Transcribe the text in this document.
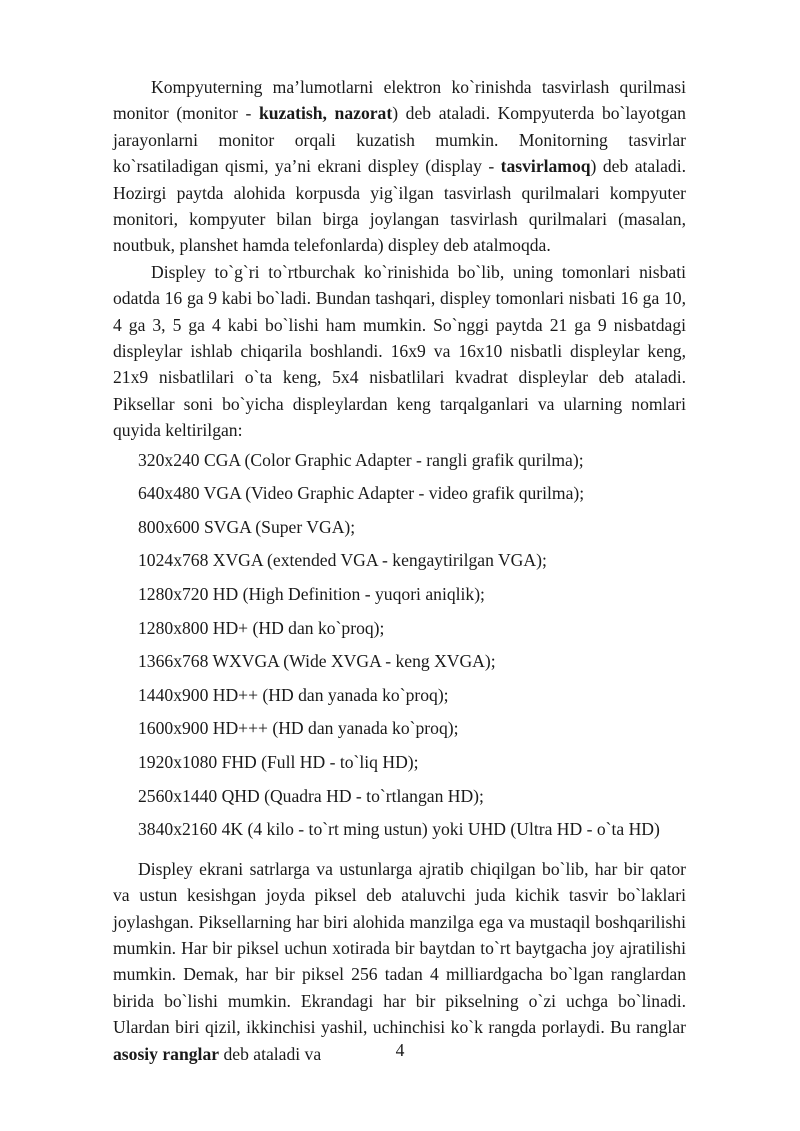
Kompyuterning ma’lumotlarni elektron ko`rinishda tasvirlash qurilmasi monitor (monitor - kuzatish, nazorat) deb ataladi. Kompyuterda bo`layotgan jarayonlarni monitor orqali kuzatish mumkin. Monitorning tasvirlar ko`rsatiladigan qismi, ya’ni ekrani displey (display - tasvirlamoq) deb ataladi. Hozirgi paytda alohida korpusda yig`ilgan tasvirlash qurilmalari kompyuter monitori, kompyuter bilan birga joylangan tasvirlash qurilmalari (masalan, noutbuk, planshet hamda telefonlarda) displey deb atalmoqda.

Displey to`g`ri to`rtburchak ko`rinishida bo`lib, uning tomonlari nisbati odatda 16 ga 9 kabi bo`ladi. Bundan tashqari, displey tomonlari nisbati 16 ga 10, 4 ga 3, 5 ga 4 kabi bo`lishi ham mumkin. So`nggi paytda 21 ga 9 nisbatdagi displeylar ishlab chiqarila boshlandi. 16x9 va 16x10 nisbatli displeylar keng, 21x9 nisbatlilari o`ta keng, 5x4 nisbatlilari kvadrat displeylar deb ataladi. Piksellar soni bo`yicha displeylardan keng tarqalganlari va ularning nomlari quyida keltirilgan:

320x240 CGA (Color Graphic Adapter - rangli grafik qurilma);
640x480 VGA (Video Graphic Adapter - video grafik qurilma);
800x600 SVGA (Super VGA);
1024x768 XVGA (extended VGA - kengaytirilgan VGA);
1280x720 HD (High Definition - yuqori aniqlik);
1280x800 HD+ (HD dan ko`proq);
1366x768 WXVGA (Wide XVGA - keng XVGA);
1440x900 HD++ (HD dan yanada ko`proq);
1600x900 HD+++ (HD dan yanada ko`proq);
1920x1080 FHD (Full HD - to`liq HD);
2560x1440 QHD (Quadra HD - to`rtlangan HD);
3840x2160 4K (4 kilo - to`rt ming ustun) yoki UHD (Ultra HD - o`ta HD)

Displey ekrani satrlarga va ustunlarga ajratib chiqilgan bo`lib, har bir qator va ustun kesishgan joyda piksel deb ataluvchi juda kichik tasvir bo`laklari joylashgan. Piksellarning har biri alohida manzilga ega va mustaqil boshqarilishi mumkin. Har bir piksel uchun xotirada bir baytdan to`rt baytgacha joy ajratilishi mumkin. Demak, har bir piksel 256 tadan 4 milliardgacha bo`lgan ranglardan birida bo`lishi mumkin. Ekrandagi har bir pikselning o`zi uchga bo`linadi. Ulardan biri qizil, ikkinchisi yashil, uchinchisi ko`k rangda porlaydi. Bu ranglar asosiy ranglar deb ataladi va	4
